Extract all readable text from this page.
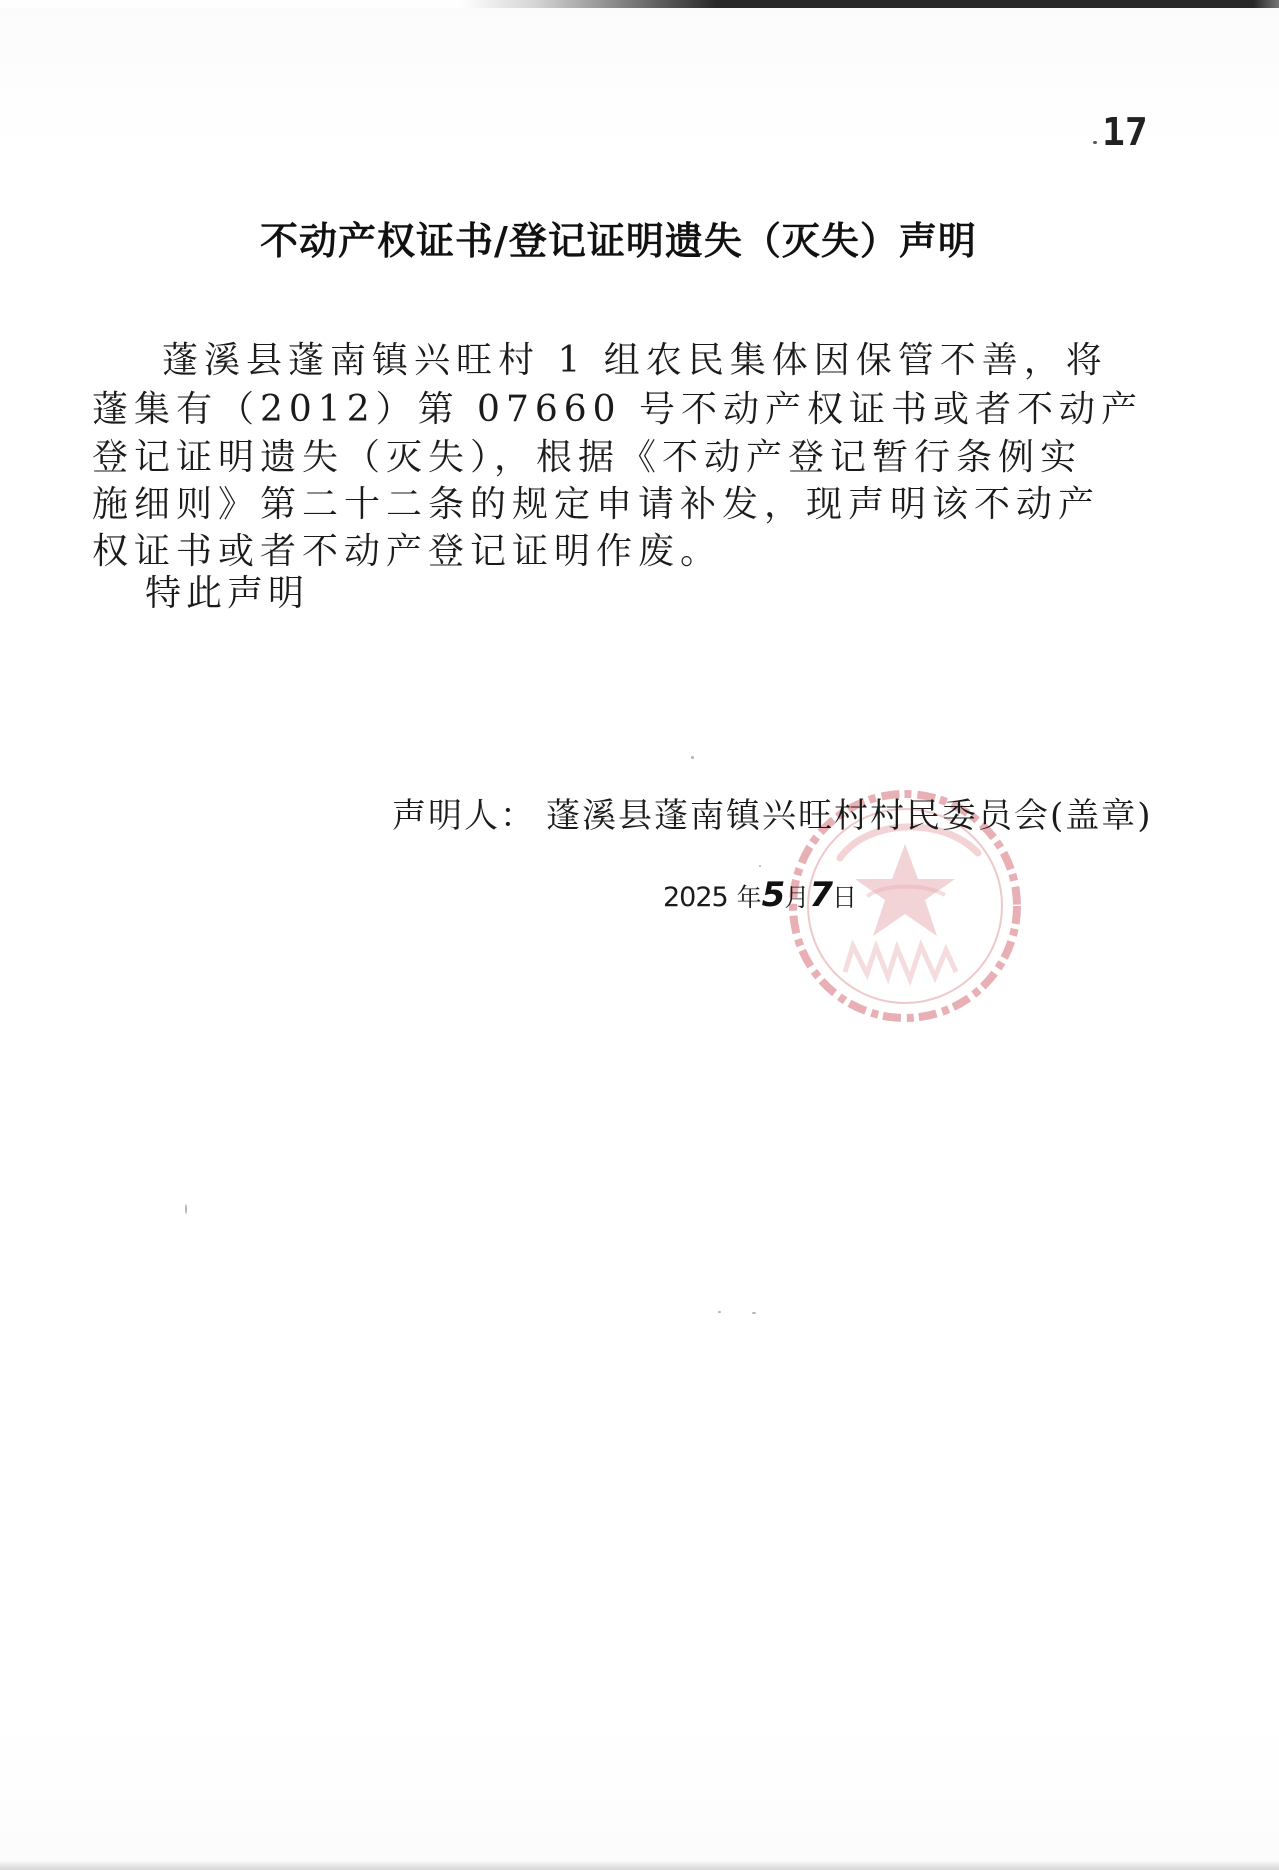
17
不动产权证书/登记证明遗失（灭失）声明
蓬溪县蓬南镇兴旺村 1 组农民集体因保管不善，将
蓬集有（2012）第 07660 号不动产权证书或者不动产
登记证明遗失（灭失），根据《不动产登记暂行条例实
施细则》第二十二条的规定申请补发，现声明该不动产
权证书或者不动产登记证明作废。
特此声明
声明人： 蓬溪县蓬南镇兴旺村村民委员会(盖章)
2025 年5月7日
